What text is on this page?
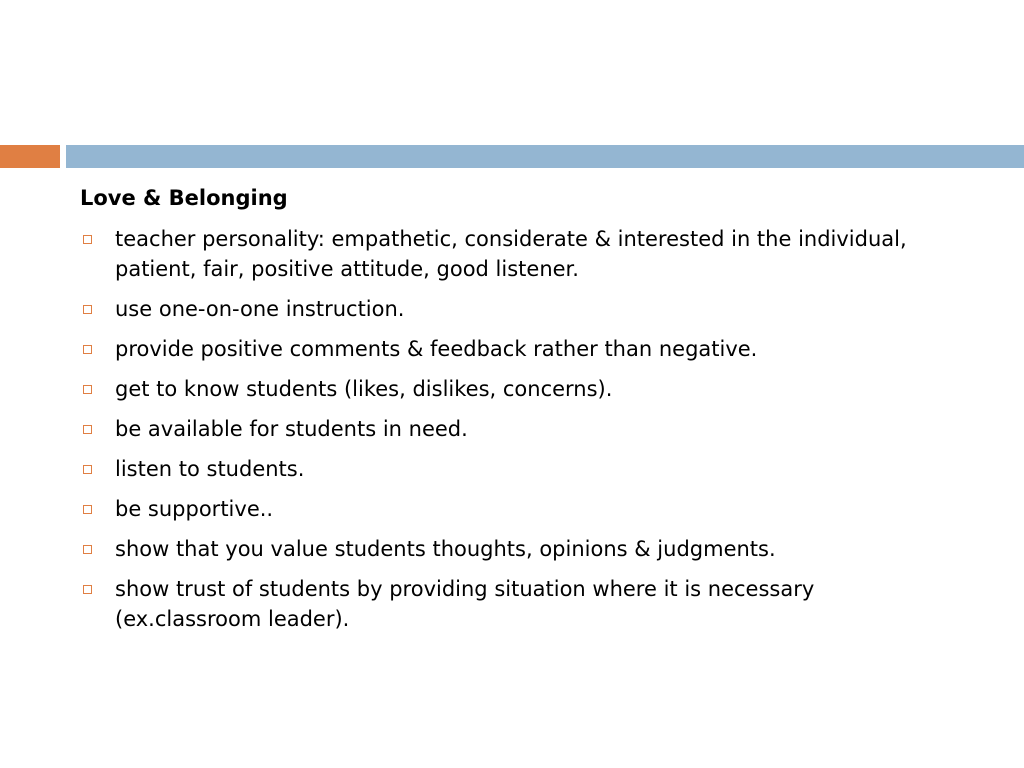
Love & Belonging
teacher personality: empathetic, considerate & interested in the individual, patient, fair, positive attitude, good listener.
use one-on-one instruction.
provide positive comments & feedback rather than negative.
get to know students (likes, dislikes, concerns).
be available for students in need.
listen to students.
be supportive..
show that you value students thoughts, opinions & judgments.
show trust of students by providing situation where it is necessary (ex.classroom leader).
